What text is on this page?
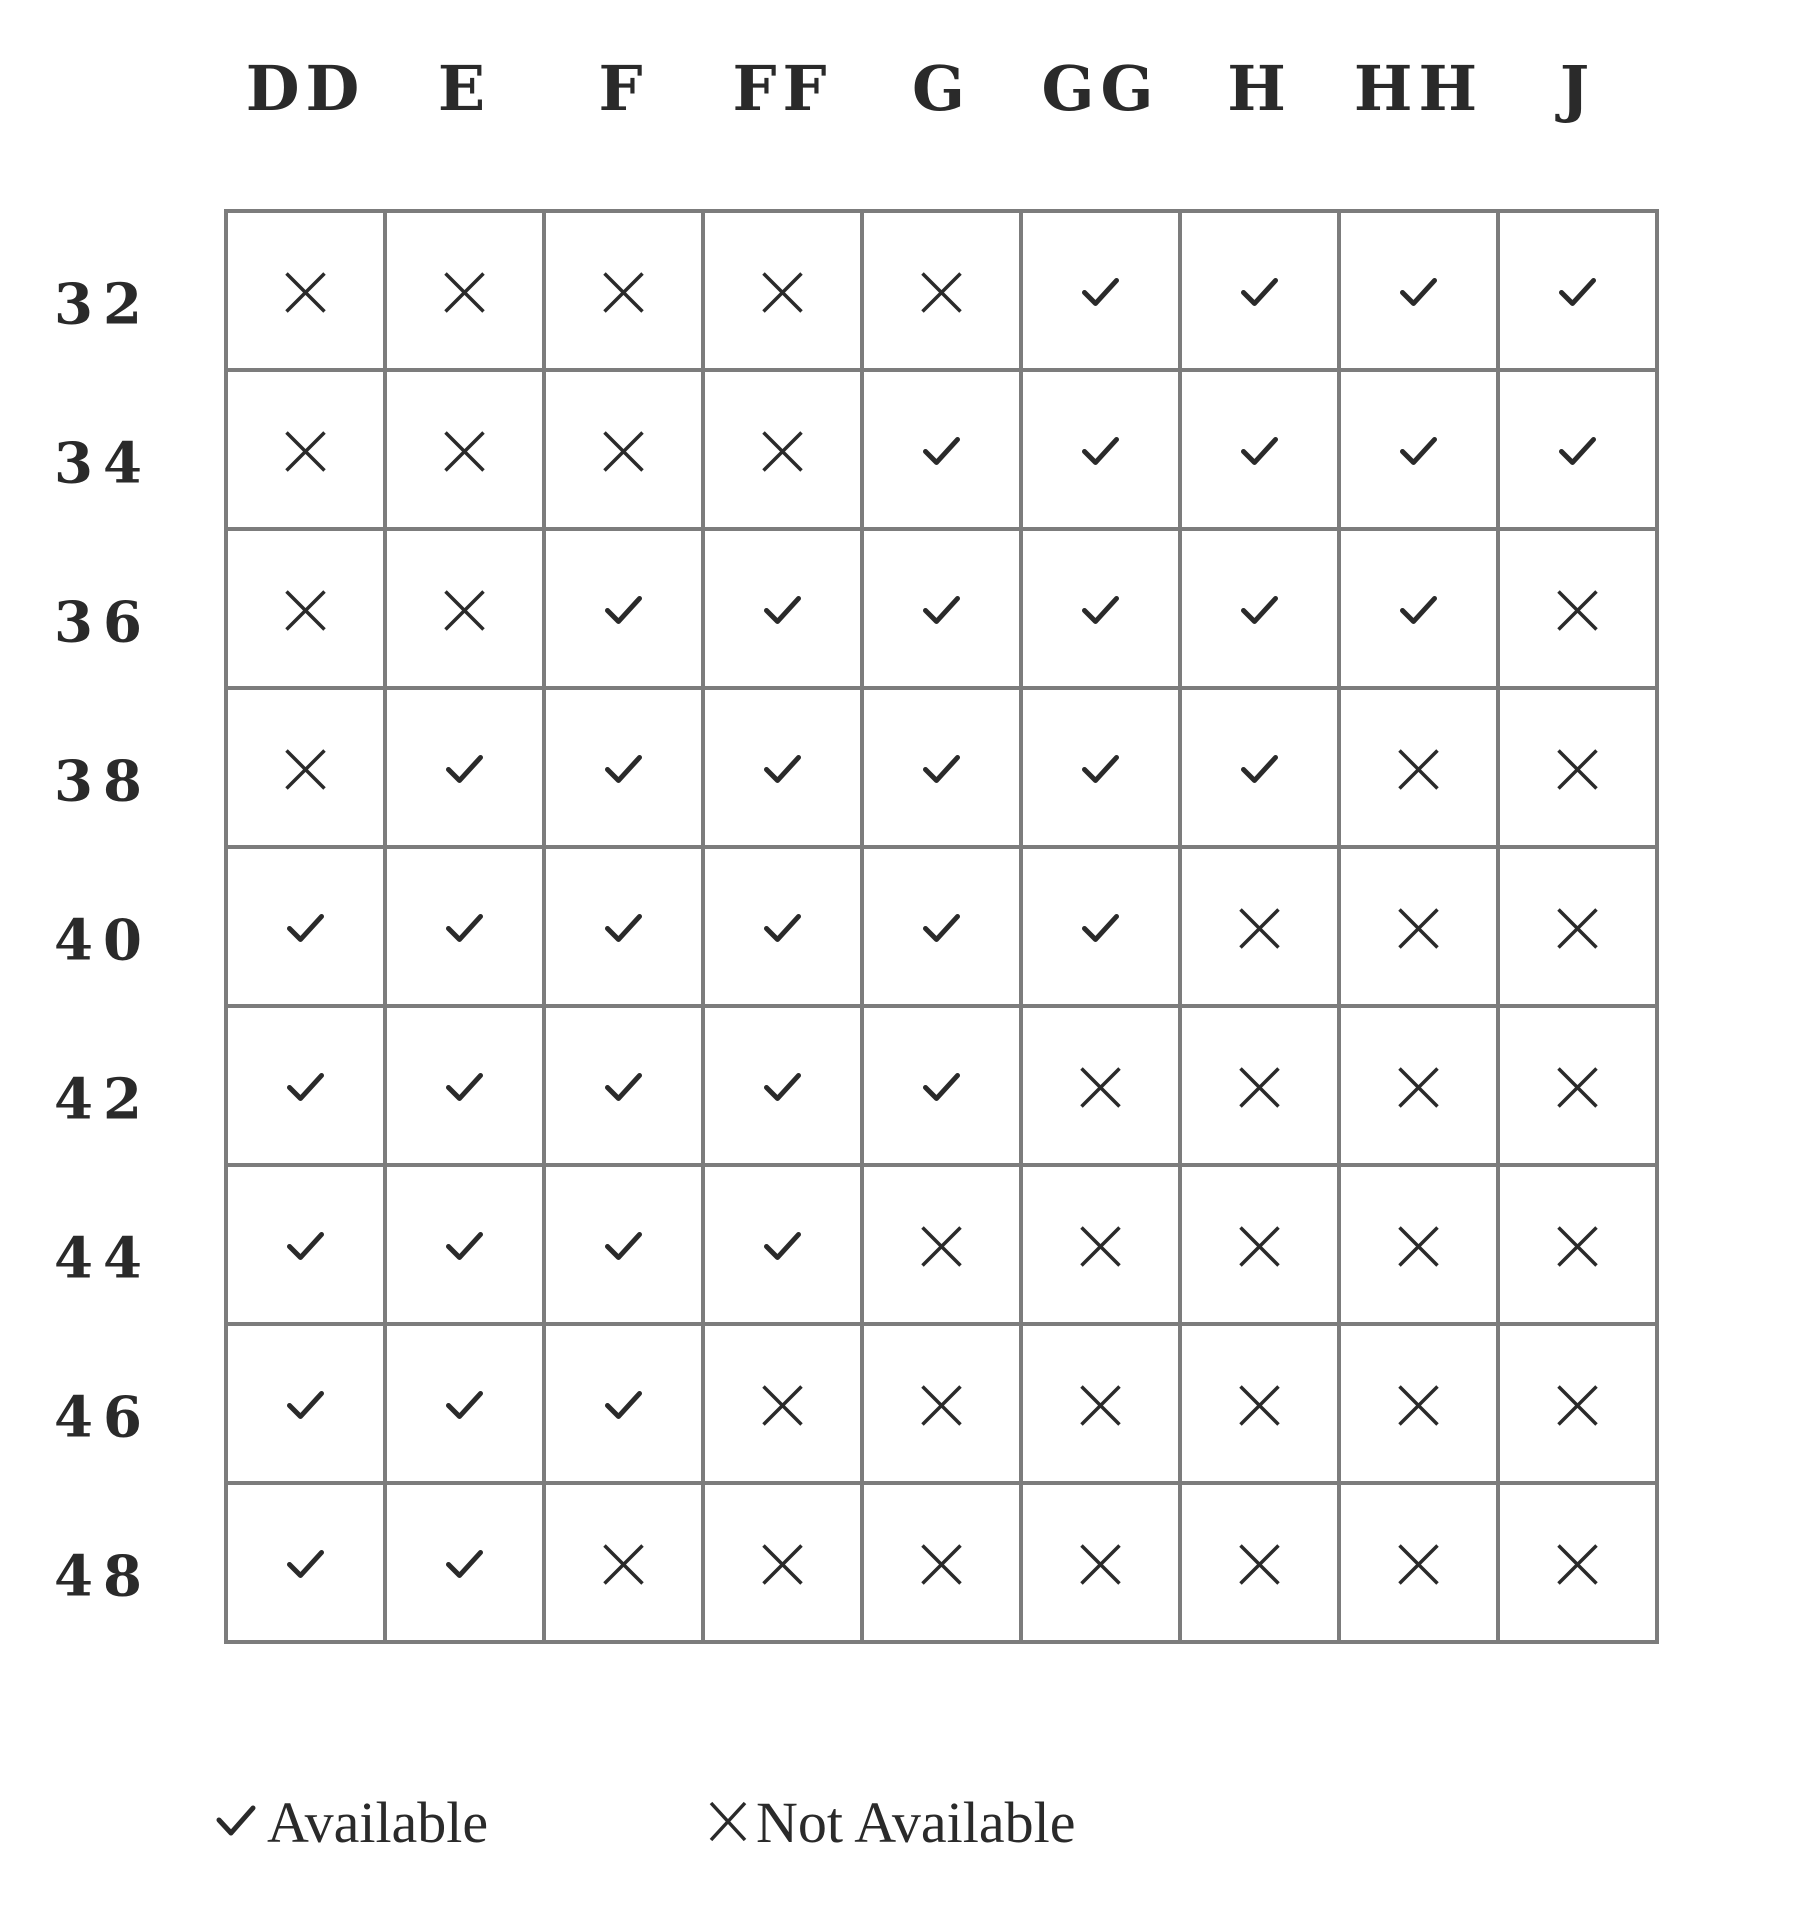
DD E F FF G GG H HH J
32
34
36
38
40
42
44
46
48
Available	Not Available
